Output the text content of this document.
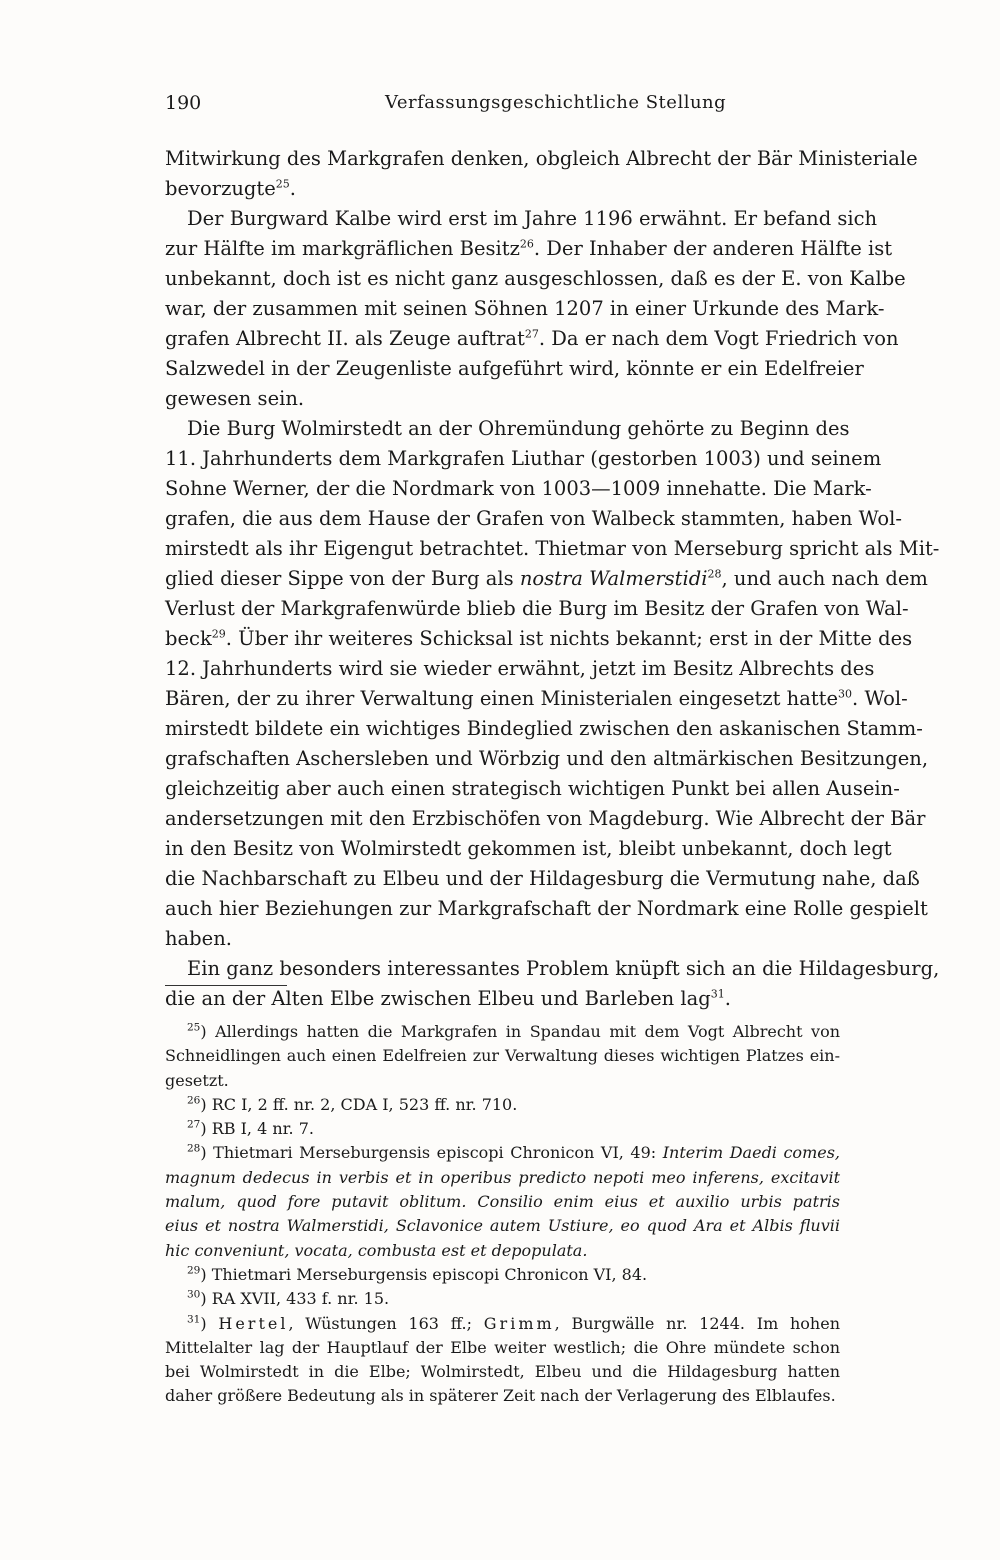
190	Verfassungsgeschichtliche Stellung
Mitwirkung des Markgrafen denken, obgleich Albrecht der Bär Ministeriale
bevorzugte$^{25}$.
Der Burgward Kalbe wird erst im Jahre 1196 erwähnt. Er befand sich
zur Hälfte im markgräflichen Besitz$^{26}$. Der Inhaber der anderen Hälfte ist
unbekannt, doch ist es nicht ganz ausgeschlossen, daß es der E. von Kalbe
war, der zusammen mit seinen Söhnen 1207 in einer Urkunde des Mark-
grafen Albrecht II. als Zeuge auftrat$^{27}$. Da er nach dem Vogt Friedrich von
Salzwedel in der Zeugenliste aufgeführt wird, könnte er ein Edelfreier
gewesen sein.
Die Burg Wolmirstedt an der Ohremündung gehörte zu Beginn des
11. Jahrhunderts dem Markgrafen Liuthar (gestorben 1003) und seinem
Sohne Werner, der die Nordmark von 1003—1009 innehatte. Die Mark-
grafen, die aus dem Hause der Grafen von Walbeck stammten, haben Wol-
mirstedt als ihr Eigengut betrachtet. Thietmar von Merseburg spricht als Mit-
glied dieser Sippe von der Burg als nostra Walmerstidi$^{28}$, und auch nach dem
Verlust der Markgrafenwürde blieb die Burg im Besitz der Grafen von Wal-
beck$^{29}$. Über ihr weiteres Schicksal ist nichts bekannt; erst in der Mitte des
12. Jahrhunderts wird sie wieder erwähnt, jetzt im Besitz Albrechts des
Bären, der zu ihrer Verwaltung einen Ministerialen eingesetzt hatte$^{30}$. Wol-
mirstedt bildete ein wichtiges Bindeglied zwischen den askanischen Stamm-
grafschaften Aschersleben und Wörbzig und den altmärkischen Besitzungen,
gleichzeitig aber auch einen strategisch wichtigen Punkt bei allen Ausein-
andersetzungen mit den Erzbischöfen von Magdeburg. Wie Albrecht der Bär
in den Besitz von Wolmirstedt gekommen ist, bleibt unbekannt, doch legt
die Nachbarschaft zu Elbeu und der Hildagesburg die Vermutung nahe, daß
auch hier Beziehungen zur Markgrafschaft der Nordmark eine Rolle gespielt
haben.
Ein ganz besonders interessantes Problem knüpft sich an die Hildagesburg,
die an der Alten Elbe zwischen Elbeu und Barleben lag$^{31}$.
$^{25}$) Allerdings hatten die Markgrafen in Spandau mit dem Vogt Albrecht von
Schneidlingen auch einen Edelfreien zur Verwaltung dieses wichtigen Platzes ein-
gesetzt.
$^{26}$) RC I, 2 ff. nr. 2, CDA I, 523 ff. nr. 710.
$^{27}$) RB I, 4 nr. 7.
$^{28}$) Thietmari Merseburgensis episcopi Chronicon VI, 49: Interim Daedi comes,
magnum dedecus in verbis et in operibus predicto nepoti meo inferens, excitavit
malum, quod fore putavit oblitum. Consilio enim eius et auxilio urbis patris
eius et nostra Walmerstidi, Sclavonice autem Ustiure, eo quod Ara et Albis fluvii
hic conveniunt, vocata, combusta est et depopulata.
$^{29}$) Thietmari Merseburgensis episcopi Chronicon VI, 84.
$^{30}$) RA XVII, 433 f. nr. 15.
$^{31}$) Hertel, Wüstungen 163 ff.; Grimm, Burgwälle nr. 1244. Im hohen
Mittelalter lag der Hauptlauf der Elbe weiter westlich; die Ohre mündete schon
bei Wolmirstedt in die Elbe; Wolmirstedt, Elbeu und die Hildagesburg hatten
daher größere Bedeutung als in späterer Zeit nach der Verlagerung des Elblaufes.
